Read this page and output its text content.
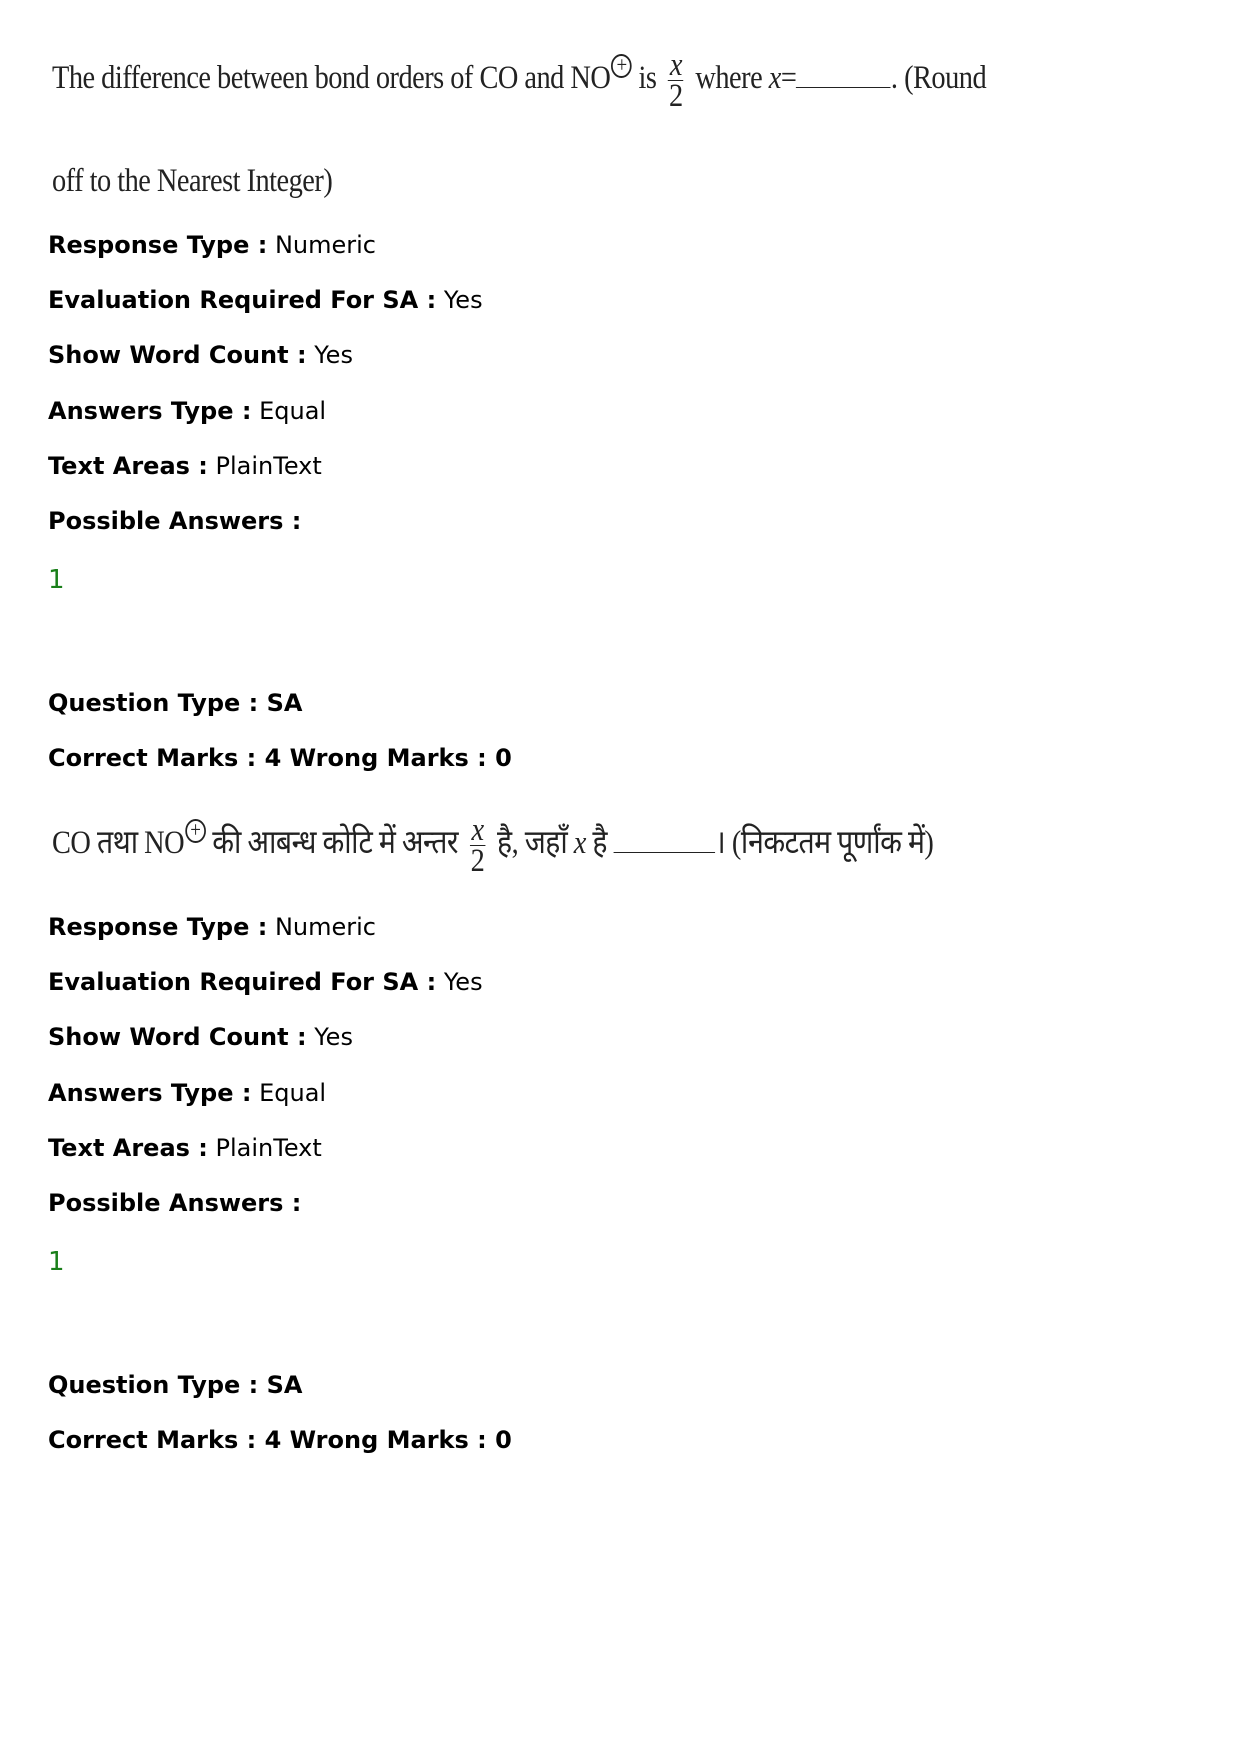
The difference between bond orders of CO and NO + is $\frac{x}{2}$ where x=	. (Round
off to the Nearest Integer)
Response Type : Numeric
Evaluation Required For SA : Yes
Show Word Count : Yes
Answers Type : Equal
Text Areas : PlainText
Possible Answers :
1
Question Type : SA
Correct Marks : 4 Wrong Marks : 0
CO तथा NO + की आबन्ध कोटि में अन्तर $\frac{x}{2}$ है, जहाँ x है	। (निकटतम पूर्णांक में)
Response Type : Numeric
Evaluation Required For SA : Yes
Show Word Count : Yes
Answers Type : Equal
Text Areas : PlainText
Possible Answers :
1
Question Type : SA
Correct Marks : 4 Wrong Marks : 0
